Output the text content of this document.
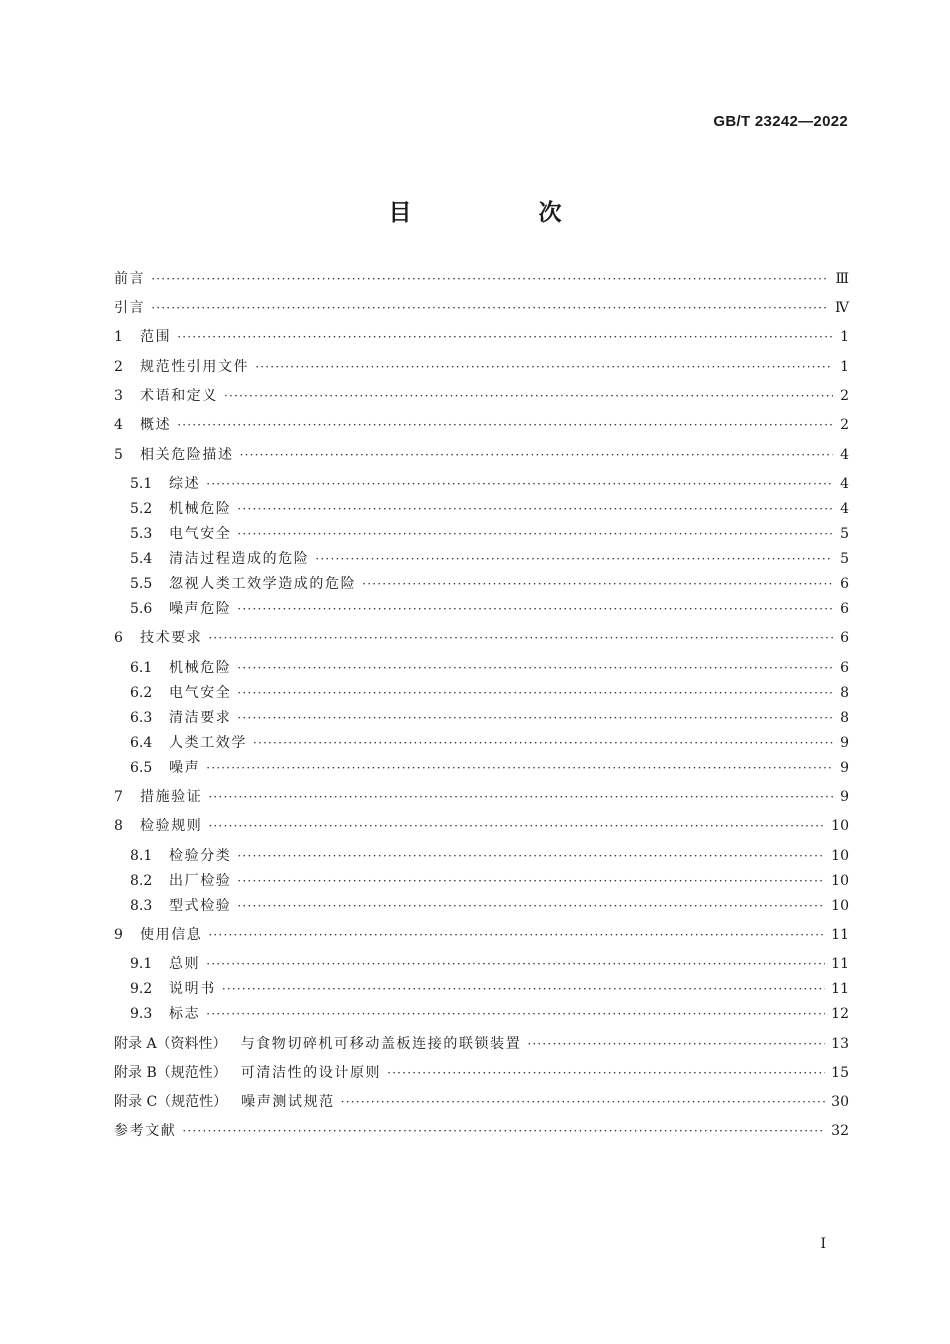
GB/T 23242—2022
目　次
前言 ·····	Ⅲ
引言 ·····	Ⅳ
1	范围 ·····	1
2	规范性引用文件 ·····	1
3	术语和定义 ·····	2
4	概述 ·····	2
5	相关危险描述 ·····	4
5.1	综述 ·····	4
5.2	机械危险 ·····	4
5.3	电气安全 ·····	5
5.4	清洁过程造成的危险 ·····	5
5.5	忽视人类工效学造成的危险 ·····	6
5.6	噪声危险 ·····	6
6	技术要求 ·····	6
6.1	机械危险 ·····	6
6.2	电气安全 ·····	8
6.3	清洁要求 ·····	8
6.4	人类工效学 ·····	9
6.5	噪声 ·····	9
7	措施验证 ·····	9
8	检验规则 ·····	10
8.1	检验分类 ·····	10
8.2	出厂检验 ·····	10
8.3	型式检验 ·····	10
9	使用信息 ·····	11
9.1	总则 ·····	11
9.2	说明书 ·····	11
9.3	标志 ·····	12
附录 A（资料性） 与食物切碎机可移动盖板连接的联锁装置 ·····	13
附录 B（规范性） 可清洁性的设计原则 ·····	15
附录 C（规范性） 噪声测试规范 ·····	30
参考文献 ·····	32
I
